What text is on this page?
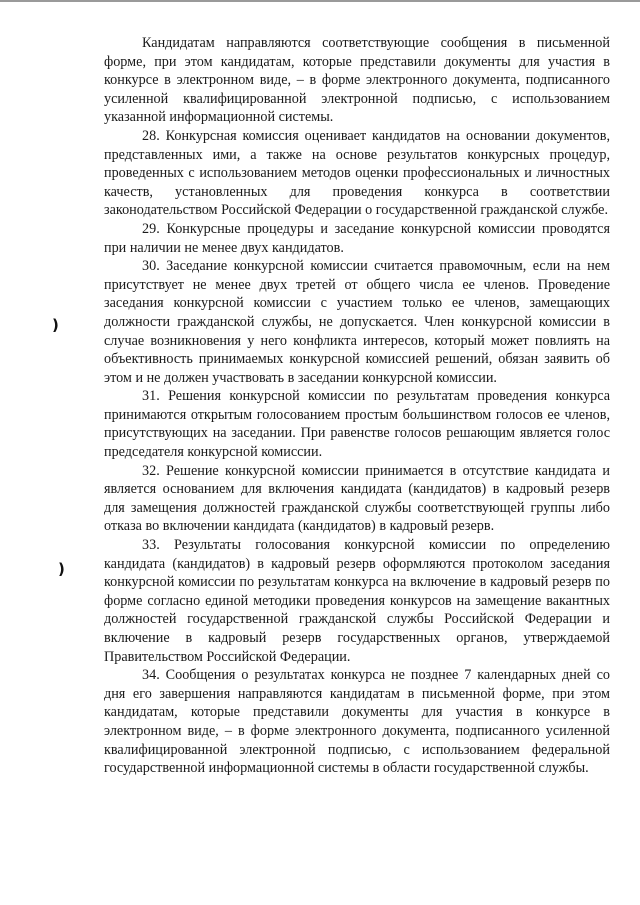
)
)

Кандидатам направляются соответствующие сообщения в письменной форме, при этом кандидатам, которые представили документы для участия в конкурсе в электронном виде, – в форме электронного документа, подписанного усиленной квалифицированной электронной подписью, с использованием указанной информационной системы.

28. Конкурсная комиссия оценивает кандидатов на основании документов, представленных ими, а также на основе результатов конкурсных процедур, проведенных с использованием методов оценки профессиональных и личностных качеств, установленных для проведения конкурса в соответствии законодательством Российской Федерации о государственной гражданской службе.

29. Конкурсные процедуры и заседание конкурсной комиссии проводятся при наличии не менее двух кандидатов.

30. Заседание конкурсной комиссии считается правомочным, если на нем присутствует не менее двух третей от общего числа ее членов. Проведение заседания конкурсной комиссии с участием только ее членов, замещающих должности гражданской службы, не допускается. Член конкурсной комиссии в случае возникновения у него конфликта интересов, который может повлиять на объективность принимаемых конкурсной комиссией решений, обязан заявить об этом и не должен участвовать в заседании конкурсной комиссии.

31. Решения конкурсной комиссии по результатам проведения конкурса принимаются открытым голосованием простым большинством голосов ее членов, присутствующих на заседании. При равенстве голосов решающим является голос председателя конкурсной комиссии.

32. Решение конкурсной комиссии принимается в отсутствие кандидата и является основанием для включения кандидата (кандидатов) в кадровый резерв для замещения должностей гражданской службы соответствующей группы либо отказа во включении кандидата (кандидатов) в кадровый резерв.

33. Результаты голосования конкурсной комиссии по определению кандидата (кандидатов) в кадровый резерв оформляются протоколом заседания конкурсной комиссии по результатам конкурса на включение в кадровый резерв по форме согласно единой методики проведения конкурсов на замещение вакантных должностей государственной гражданской службы Российской Федерации и включение в кадровый резерв государственных органов, утверждаемой Правительством Российской Федерации.

34. Сообщения о результатах конкурса не позднее 7 календарных дней со дня его завершения направляются кандидатам в письменной форме, при этом кандидатам, которые представили документы для участия в конкурсе в электронном виде, – в форме электронного документа, подписанного усиленной квалифицированной электронной подписью, с использованием федеральной государственной информационной системы в области государственной службы.
